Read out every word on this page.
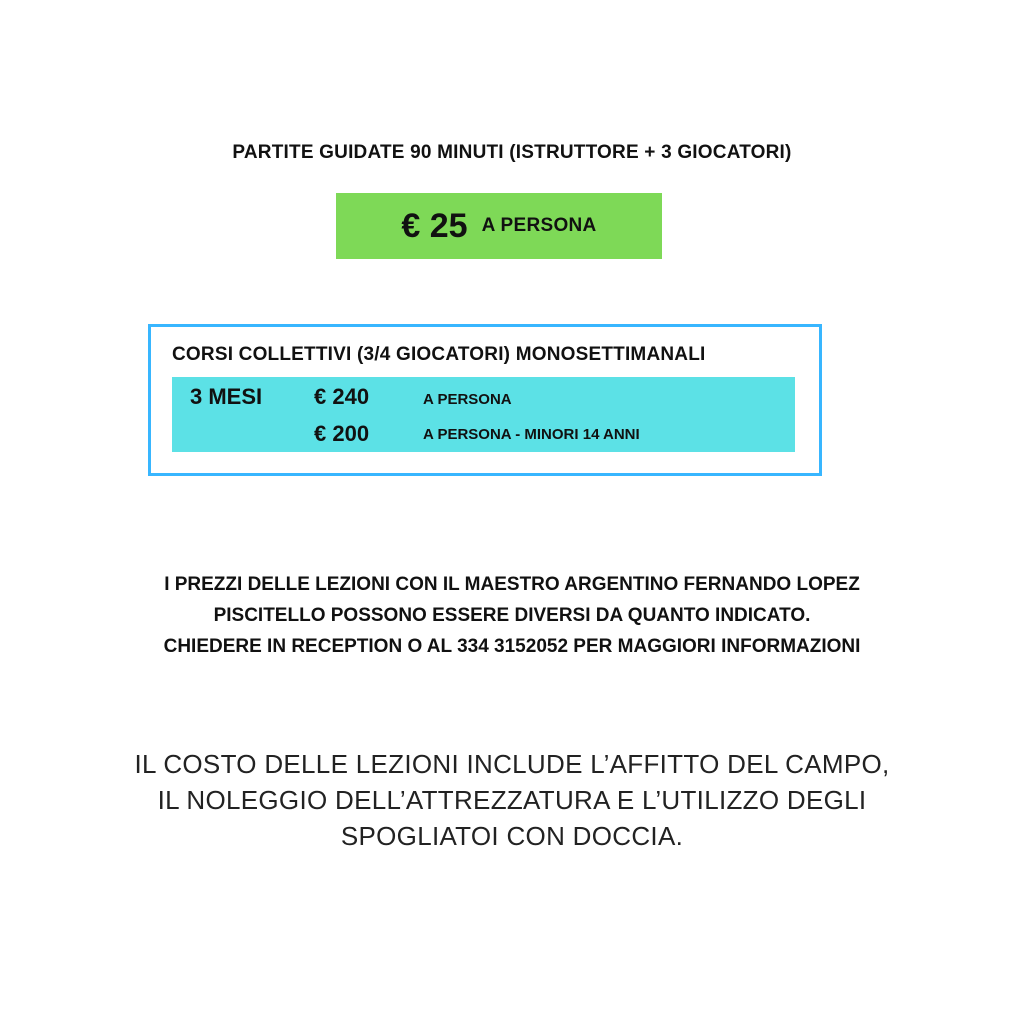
PARTITE GUIDATE 90 MINUTI (ISTRUTTORE + 3 GIOCATORI)
€ 25 A PERSONA
CORSI COLLETTIVI (3/4 GIOCATORI) MONOSETTIMANALI
3 MESI € 240	A PERSONA
€ 200	A PERSONA - MINORI 14 ANNI
I PREZZI DELLE LEZIONI CON IL MAESTRO ARGENTINO FERNANDO LOPEZ
PISCITELLO POSSONO ESSERE DIVERSI DA QUANTO INDICATO.
CHIEDERE IN RECEPTION O AL 334 3152052 PER MAGGIORI INFORMAZIONI
IL COSTO DELLE LEZIONI INCLUDE L’AFFITTO DEL CAMPO,
IL NOLEGGIO DELL’ATTREZZATURA E L’UTILIZZO DEGLI
SPOGLIATOI CON DOCCIA.
